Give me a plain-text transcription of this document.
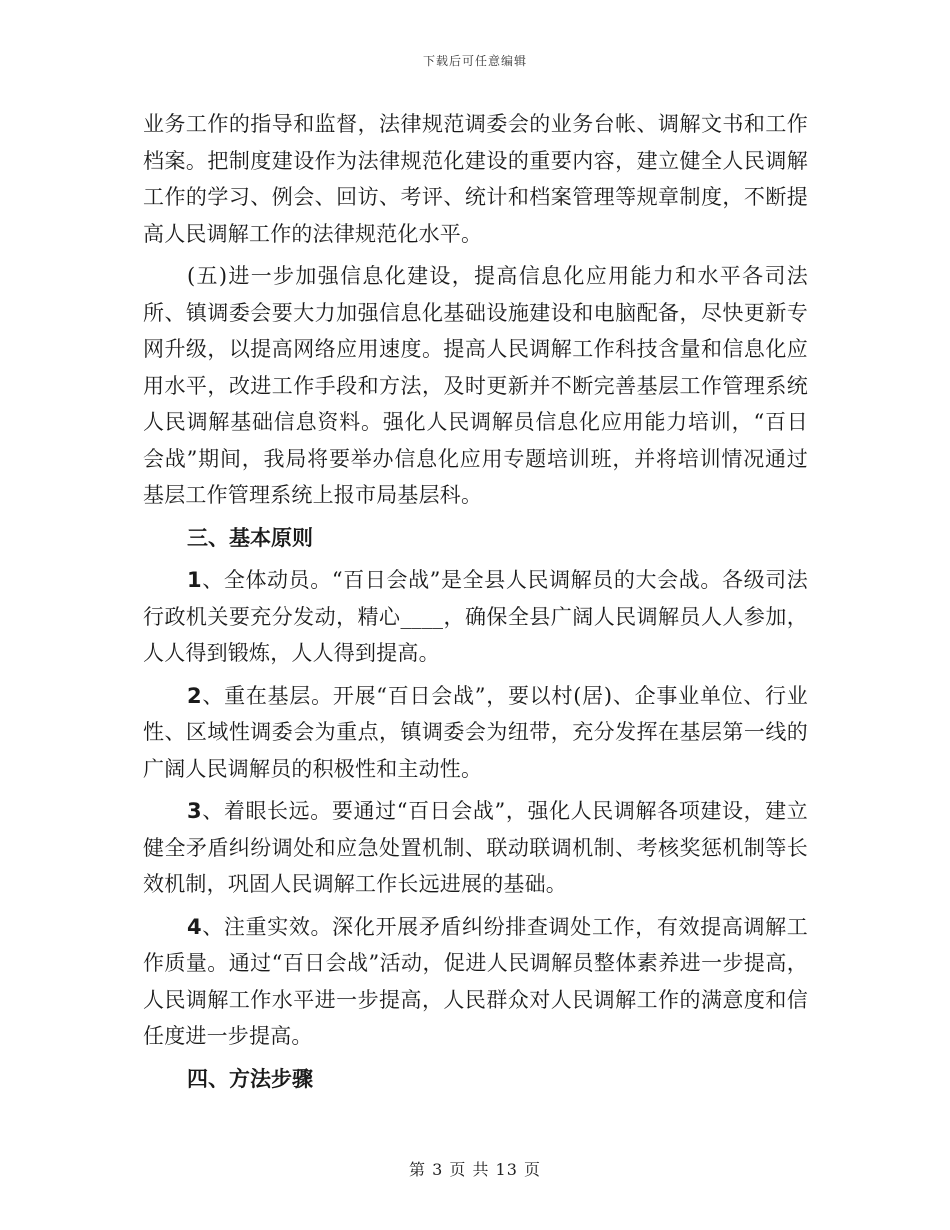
下载后可任意编辑

业务工作的指导和监督，法律规范调委会的业务台帐、调解文书和工作档案。把制度建设作为法律规范化建设的重要内容，建立健全人民调解工作的学习、例会、回访、考评、统计和档案管理等规章制度，不断提高人民调解工作的法律规范化水平。

(五)进一步加强信息化建设，提高信息化应用能力和水平各司法所、镇调委会要大力加强信息化基础设施建设和电脑配备，尽快更新专网升级，以提高网络应用速度。提高人民调解工作科技含量和信息化应用水平，改进工作手段和方法，及时更新并不断完善基层工作管理系统人民调解基础信息资料。强化人民调解员信息化应用能力培训，“百日会战”期间，我局将要举办信息化应用专题培训班，并将培训情况通过基层工作管理系统上报市局基层科。

三、基本原则

1、全体动员。“百日会战”是全县人民调解员的大会战。各级司法行政机关要充分发动，精心____，确保全县广阔人民调解员人人参加，人人得到锻炼，人人得到提高。

2、重在基层。开展“百日会战”，要以村(居)、企事业单位、行业性、区域性调委会为重点，镇调委会为纽带，充分发挥在基层第一线的广阔人民调解员的积极性和主动性。

3、着眼长远。要通过“百日会战”，强化人民调解各项建设，建立健全矛盾纠纷调处和应急处置机制、联动联调机制、考核奖惩机制等长效机制，巩固人民调解工作长远进展的基础。

4、注重实效。深化开展矛盾纠纷排查调处工作，有效提高调解工作质量。通过“百日会战”活动，促进人民调解员整体素养进一步提高，人民调解工作水平进一步提高，人民群众对人民调解工作的满意度和信任度进一步提高。

四、方法步骤

第 3 页 共 13 页
